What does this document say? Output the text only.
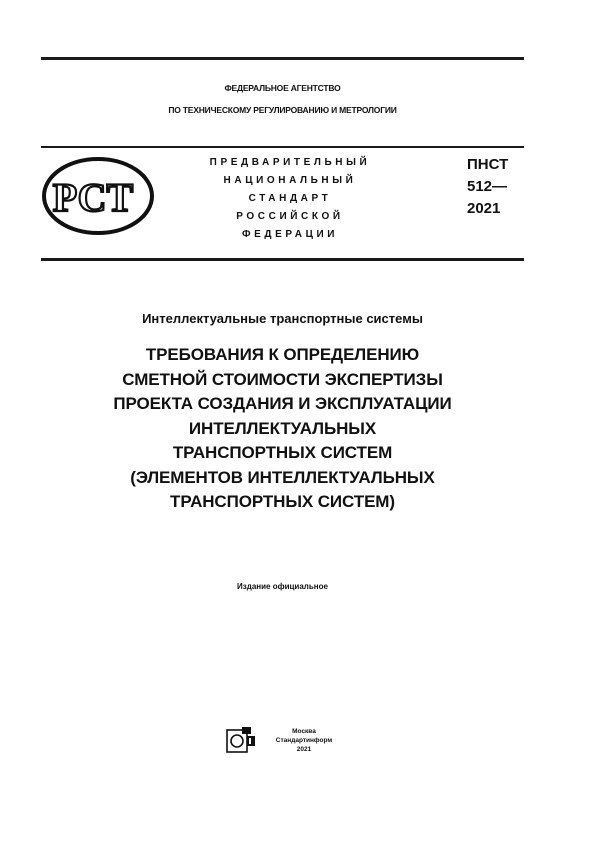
ФЕДЕРАЛЬНОЕ АГЕНТСТВО
ПО ТЕХНИЧЕСКОМУ РЕГУЛИРОВАНИЮ И МЕТРОЛОГИИ
РСТ
ПРЕДВАРИТЕЛЬНЫЙ
НАЦИОНАЛЬНЫЙ
СТАНДАРТ
РОССИЙСКОЙ
ФЕДЕРАЦИИ
ПНСТ
512—
2021
Интеллектуальные транспортные системы
ТРЕБОВАНИЯ К ОПРЕДЕЛЕНИЮ
СМЕТНОЙ СТОИМОСТИ ЭКСПЕРТИЗЫ
ПРОЕКТА СОЗДАНИЯ И ЭКСПЛУАТАЦИИ
ИНТЕЛЛЕКТУАЛЬНЫХ
ТРАНСПОРТНЫХ СИСТЕМ
(ЭЛЕМЕНТОВ ИНТЕЛЛЕКТУАЛЬНЫХ
ТРАНСПОРТНЫХ СИСТЕМ)
Издание официальное
Москва
Стандартинформ
2021
